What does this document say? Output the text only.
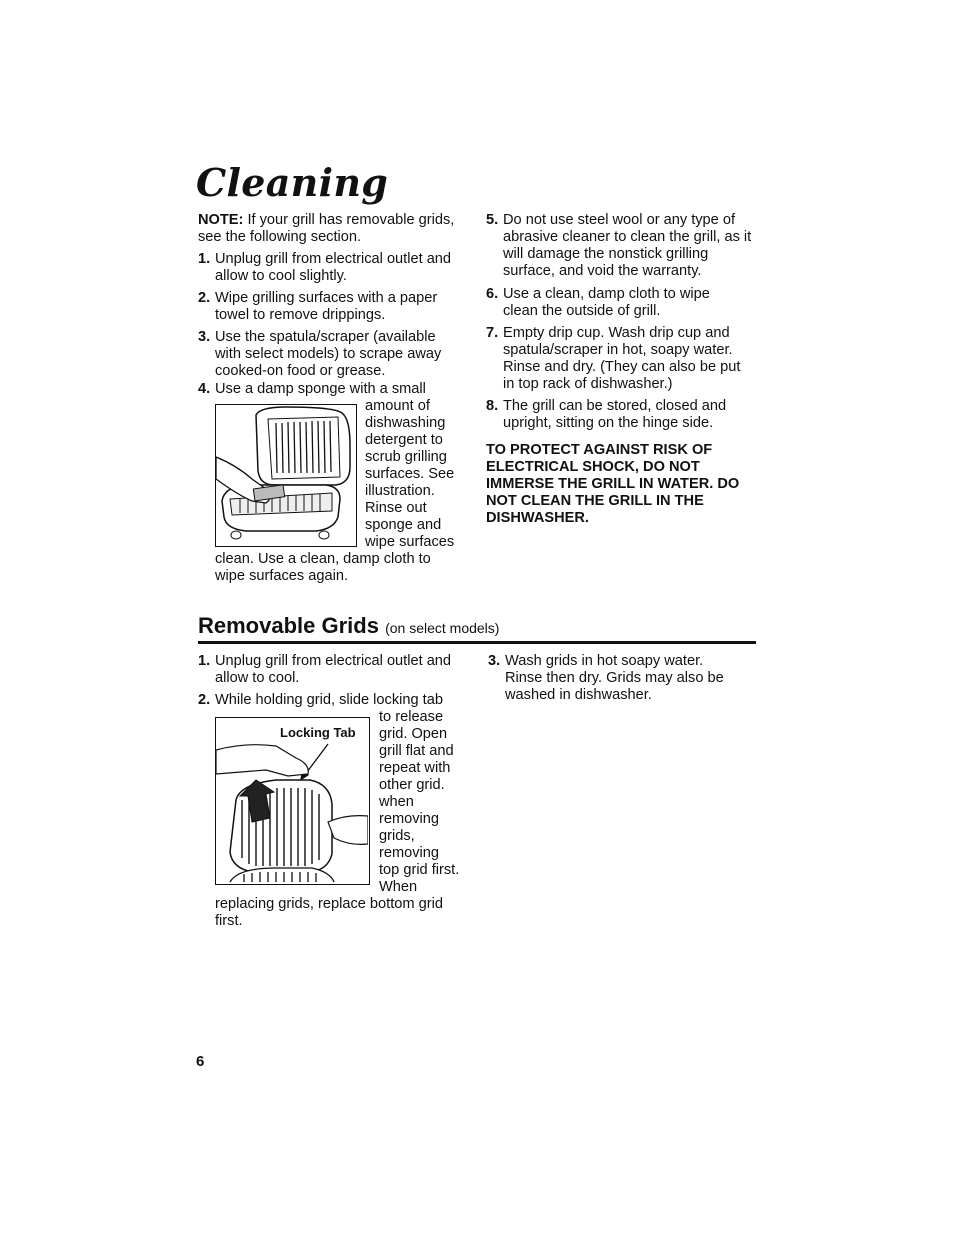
Cleaning
NOTE: If your grill has removable grids, see the following section.
1. Unplug grill from electrical outlet and allow to cool slightly.
2. Wipe grilling surfaces with a paper towel to remove drippings.
3. Use the spatula/scraper (available with select models) to scrape away cooked-on food or grease.
4. Use a damp sponge with a small
amount of
dishwashing
detergent to
scrub grilling
surfaces. See
illustration.
Rinse out
sponge and
wipe surfaces
clean. Use a clean, damp cloth to
wipe surfaces again.
5. Do not use steel wool or any type of abrasive cleaner to clean the grill, as it will damage the nonstick grilling surface, and void the warranty.
6. Use a clean, damp cloth to wipe clean the outside of grill.
7. Empty drip cup. Wash drip cup and spatula/scraper in hot, soapy water. Rinse and dry. (They can also be put in top rack of dishwasher.)
8. The grill can be stored, closed and upright, sitting on the hinge side.
TO PROTECT AGAINST RISK OF ELECTRICAL SHOCK, DO NOT IMMERSE THE GRILL IN WATER. DO NOT CLEAN THE GRILL IN THE DISHWASHER.
Removable Grids (on select models)
1. Unplug grill from electrical outlet and allow to cool.
2. While holding grid, slide locking tab
to release
grid. Open
grill flat and
repeat with
other grid.
when
removing
grids,
removing
top grid first.
When
replacing grids, replace bottom grid
first.
Locking Tab
3. Wash grids in hot soapy water. Rinse then dry. Grids may also be washed in dishwasher.
6
